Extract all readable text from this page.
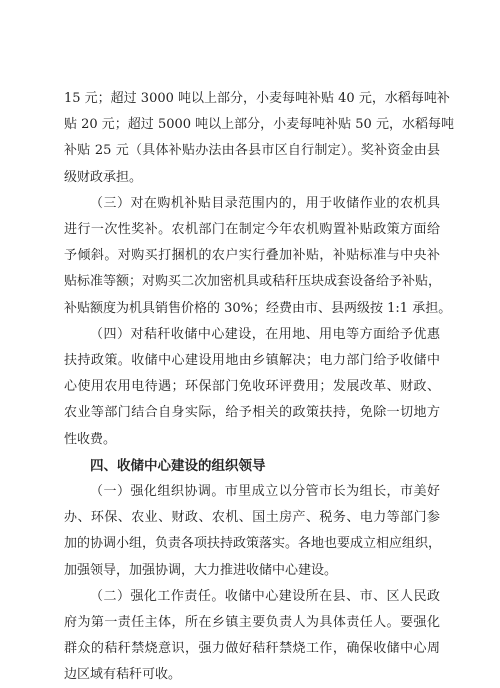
15 元；超过 3000 吨以上部分，小麦每吨补贴 40 元，水稻每吨补
贴 20 元；超过 5000 吨以上部分，小麦每吨补贴 50 元，水稻每吨
补贴 25 元（具体补贴办法由各县市区自行制定）。奖补资金由县
级财政承担。
（三）对在购机补贴目录范围内的，用于收储作业的农机具
进行一次性奖补。农机部门在制定今年农机购置补贴政策方面给
予倾斜。对购买打捆机的农户实行叠加补贴，补贴标准与中央补
贴标准等额；对购买二次加密机具或秸秆压块成套设备给予补贴，
补贴额度为机具销售价格的 30%；经费由市、县两级按 1:1 承担。
（四）对秸秆收储中心建设，在用地、用电等方面给予优惠
扶持政策。收储中心建设用地由乡镇解决；电力部门给予收储中
心使用农用电待遇；环保部门免收环评费用；发展改革、财政、
农业等部门结合自身实际，给予相关的政策扶持，免除一切地方
性收费。
四、收储中心建设的组织领导
（一）强化组织协调。市里成立以分管市长为组长，市美好
办、环保、农业、财政、农机、国土房产、税务、电力等部门参
加的协调小组，负责各项扶持政策落实。各地也要成立相应组织，
加强领导，加强协调，大力推进收储中心建设。
（二）强化工作责任。收储中心建设所在县、市、区人民政
府为第一责任主体，所在乡镇主要负责人为具体责任人。要强化
群众的秸秆禁烧意识，强力做好秸秆禁烧工作，确保收储中心周
边区域有秸秆可收。
